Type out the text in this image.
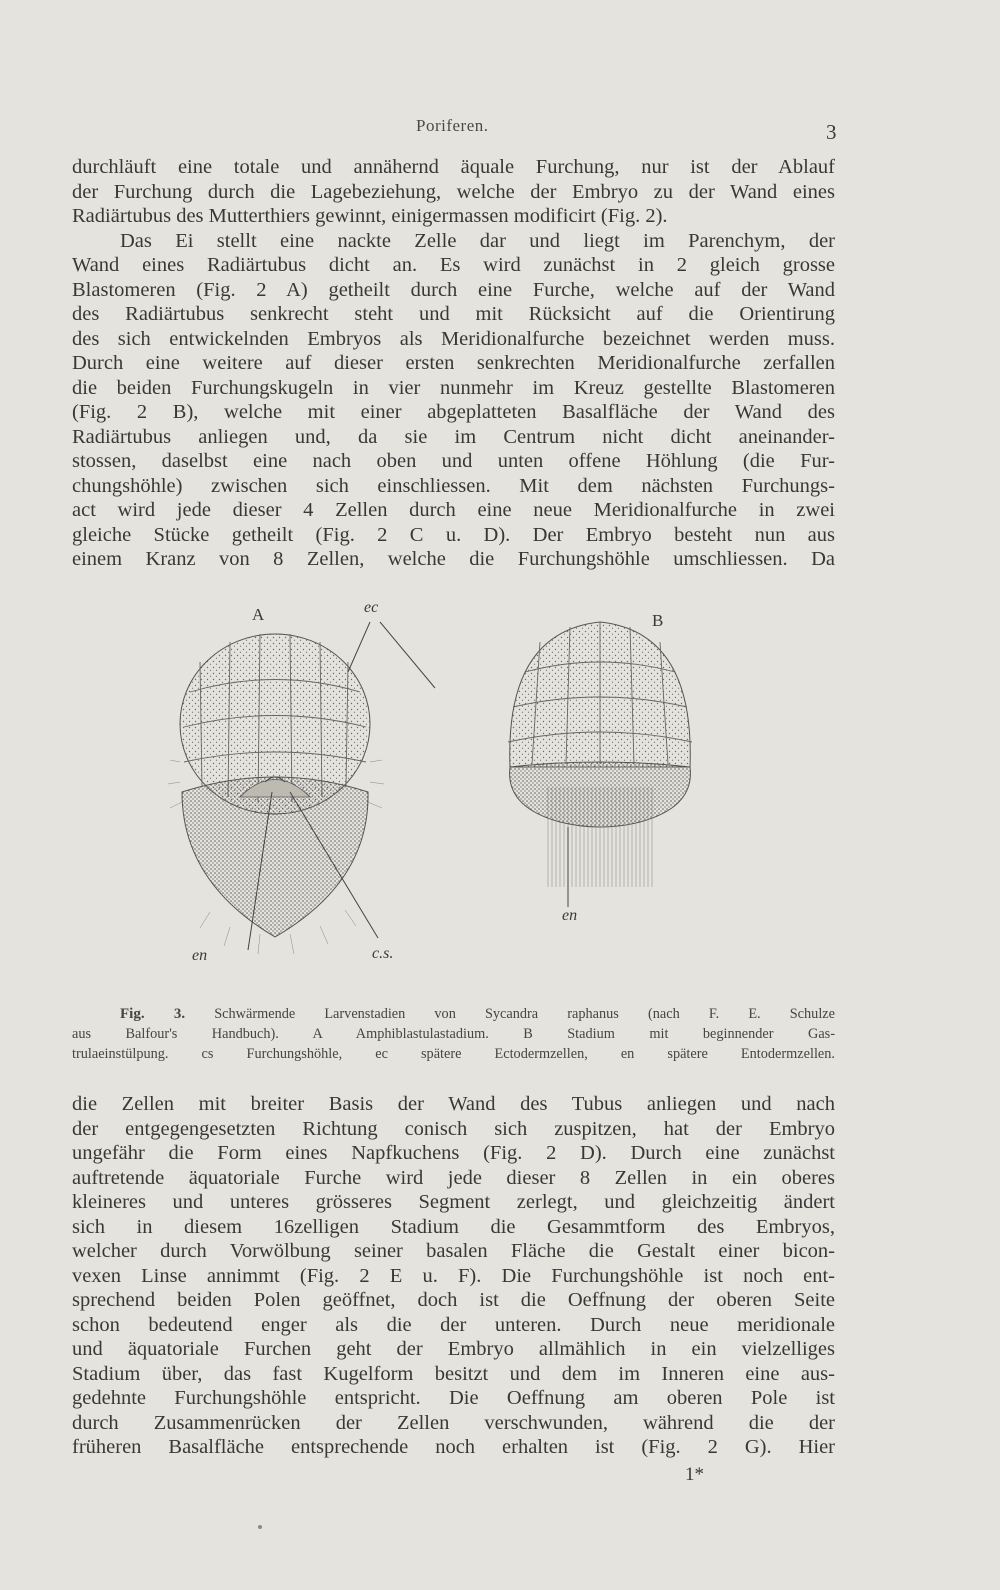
Poriferen.	3
durchläuft eine totale und annähernd äquale Furchung, nur ist der Ablauf
der Furchung durch die Lagebeziehung, welche der Embryo zu der Wand eines
Radiärtubus des Mutterthiers gewinnt, einigermassen modificirt (Fig. 2).
Das Ei stellt eine nackte Zelle dar und liegt im Parenchym, der
Wand eines Radiärtubus dicht an. Es wird zunächst in 2 gleich grosse
Blastomeren (Fig. 2 A) getheilt durch eine Furche, welche auf der Wand
des Radiärtubus senkrecht steht und mit Rücksicht auf die Orientirung
des sich entwickelnden Embryos als Meridionalfurche bezeichnet werden muss.
Durch eine weitere auf dieser ersten senkrechten Meridionalfurche zerfallen
die beiden Furchungskugeln in vier nunmehr im Kreuz gestellte Blastomeren
(Fig. 2 B), welche mit einer abgeplatteten Basalfläche der Wand des
Radiärtubus anliegen und, da sie im Centrum nicht dicht aneinander-
stossen, daselbst eine nach oben und unten offene Höhlung (die Fur-
chungshöhle) zwischen sich einschliessen. Mit dem nächsten Furchungs-
act wird jede dieser 4 Zellen durch eine neue Meridionalfurche in zwei
gleiche Stücke getheilt (Fig. 2 C u. D). Der Embryo besteht nun aus
einem Kranz von 8 Zellen, welche die Furchungshöhle umschliessen. Da
A	ec
B
en	c.s.
en
Fig. 3. Schwärmende Larvenstadien von Sycandra raphanus (nach F. E. Schulze
aus Balfour's Handbuch). A Amphiblastulastadium. B Stadium mit beginnender Gas-
trulaeinstülpung. cs Furchungshöhle, ec spätere Ectodermzellen, en spätere Entodermzellen.
die Zellen mit breiter Basis der Wand des Tubus anliegen und nach
der entgegengesetzten Richtung conisch sich zuspitzen, hat der Embryo
ungefähr die Form eines Napfkuchens (Fig. 2 D). Durch eine zunächst
auftretende äquatoriale Furche wird jede dieser 8 Zellen in ein oberes
kleineres und unteres grösseres Segment zerlegt, und gleichzeitig ändert
sich in diesem 16zelligen Stadium die Gesammtform des Embryos,
welcher durch Vorwölbung seiner basalen Fläche die Gestalt einer bicon-
vexen Linse annimmt (Fig. 2 E u. F). Die Furchungshöhle ist noch ent-
sprechend beiden Polen geöffnet, doch ist die Oeffnung der oberen Seite
schon bedeutend enger als die der unteren. Durch neue meridionale
und äquatoriale Furchen geht der Embryo allmählich in ein vielzelliges
Stadium über, das fast Kugelform besitzt und dem im Inneren eine aus-
gedehnte Furchungshöhle entspricht. Die Oeffnung am oberen Pole ist
durch Zusammenrücken der Zellen verschwunden, während die der
früheren Basalfläche entsprechende noch erhalten ist (Fig. 2 G). Hier
1*
